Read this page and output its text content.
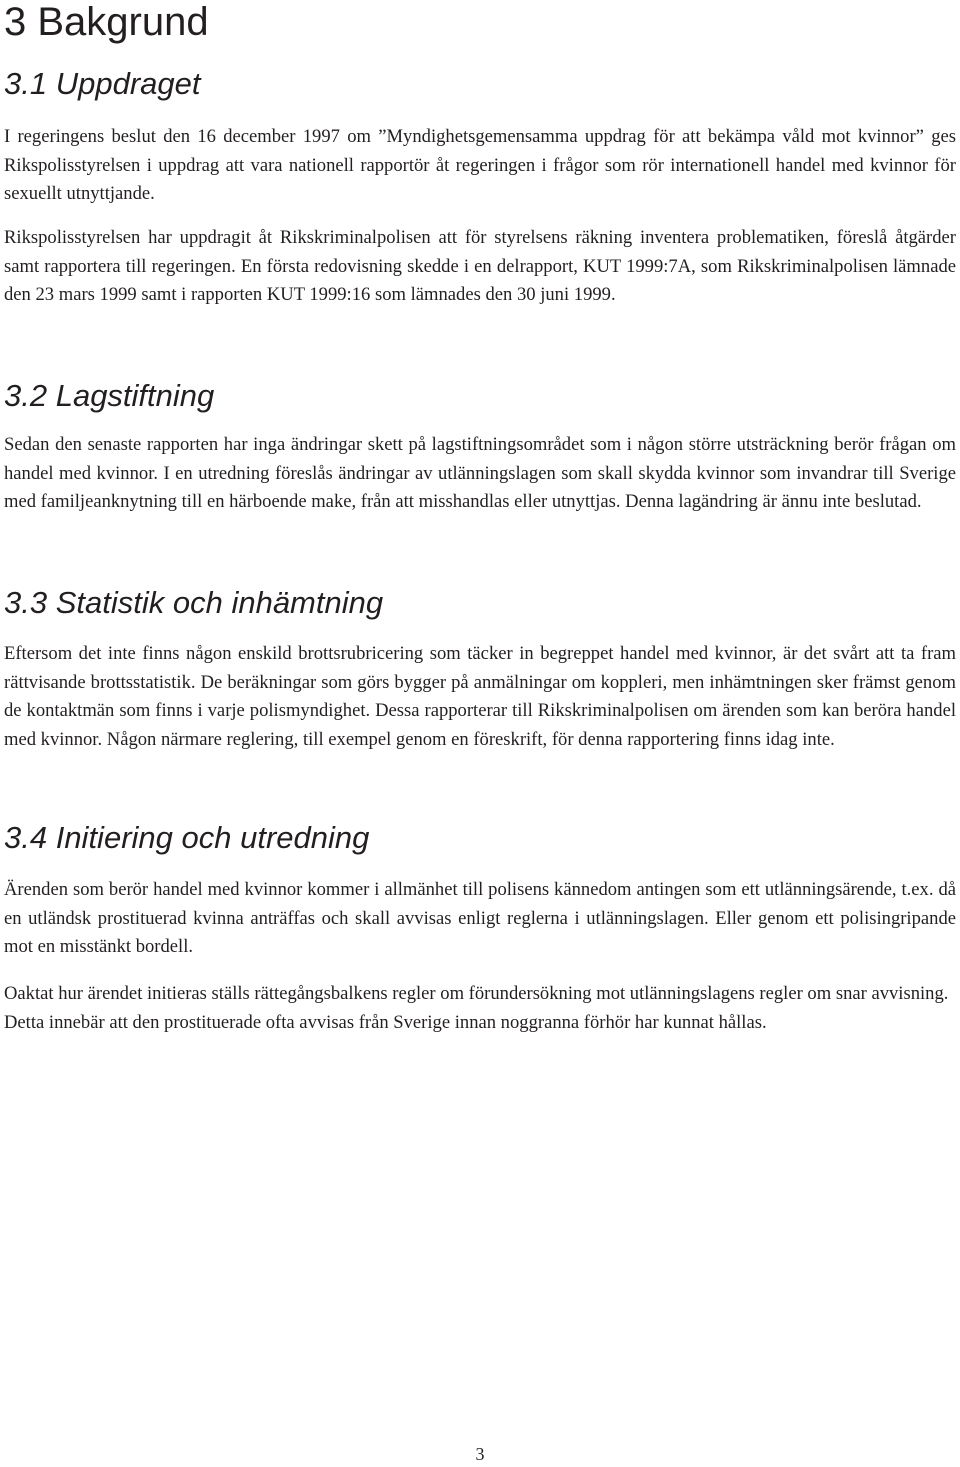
3 Bakgrund
3.1 Uppdraget

I regeringens beslut den 16 december 1997 om ”Myndighetsgemensamma uppdrag för att bekämpa våld mot kvinnor” ges Rikspolisstyrelsen i uppdrag att vara nationell rapportör åt regeringen i frågor som rör internationell handel med kvinnor för sexuellt utnyttjande.

Rikspolisstyrelsen har uppdragit åt Rikskriminalpolisen att för styrelsens räkning inventera problematiken, föreslå åtgärder samt rapportera till regeringen. En första redovisning skedde i en delrapport, KUT 1999:7A, som Rikskriminalpolisen lämnade den 23 mars 1999 samt i rapporten KUT 1999:16 som lämnades den 30 juni 1999.

3.2 Lagstiftning

Sedan den senaste rapporten har inga ändringar skett på lagstiftningsområdet som i någon större utsträckning berör frågan om handel med kvinnor. I en utredning föreslås ändringar av utlänningslagen som skall skydda kvinnor som invandrar till Sverige med familjeanknytning till en härboende make, från att misshandlas eller utnyttjas. Denna lagändring är ännu inte beslutad.

3.3 Statistik och inhämtning

Eftersom det inte finns någon enskild brottsrubricering som täcker in begreppet handel med kvinnor, är det svårt att ta fram rättvisande brottsstatistik. De beräkningar som görs bygger på anmälningar om koppleri, men inhämtningen sker främst genom de kontaktmän som finns i varje polismyndighet. Dessa rapporterar till Rikskriminalpolisen om ärenden som kan beröra handel med kvinnor. Någon närmare reglering, till exempel genom en föreskrift, för denna rapportering finns idag inte.

3.4 Initiering och utredning

Ärenden som berör handel med kvinnor kommer i allmänhet till polisens kännedom antingen som ett utlänningsärende, t.ex. då en utländsk prostituerad kvinna anträffas och skall avvisas enligt reglerna i utlänningslagen. Eller genom ett polisingripande mot en misstänkt bordell.

Oaktat hur ärendet initieras ställs rättegångsbalkens regler om förundersökning mot utlänningslagens regler om snar avvisning. Detta innebär att den prostituerade ofta avvisas från Sverige innan noggranna förhör har kunnat hållas.

3
